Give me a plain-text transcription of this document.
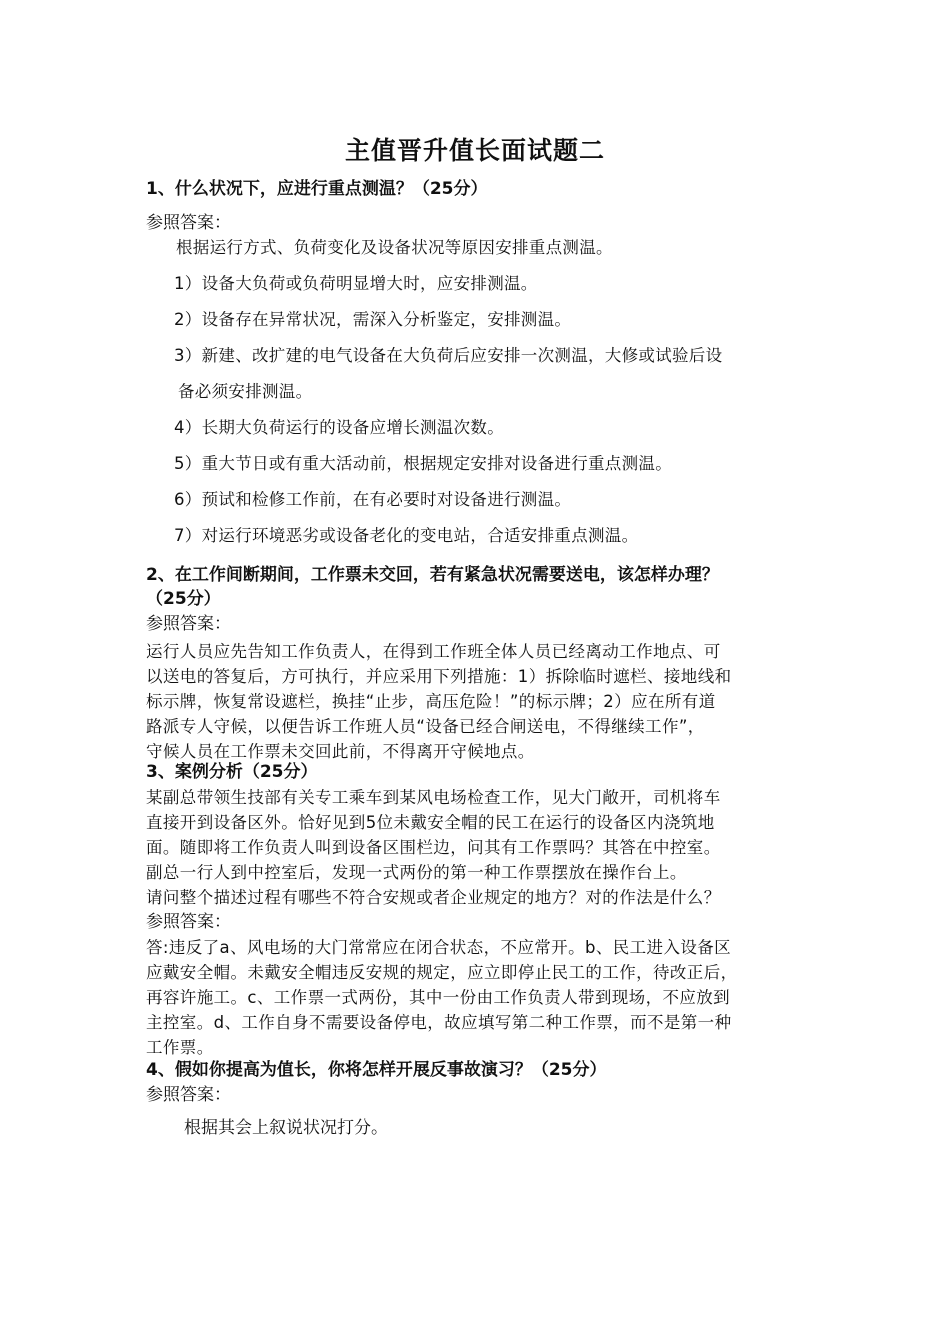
主值晋升值长面试题二

1、什么状况下，应进行重点测温？（25分）

参照答案：

根据运行方式、负荷变化及设备状况等原因安排重点测温。

1）设备大负荷或负荷明显增大时，应安排测温。

2）设备存在异常状况，需深入分析鉴定，安排测温。

3）新建、改扩建的电气设备在大负荷后应安排一次测温，大修或试验后设

备必须安排测温。

4）长期大负荷运行的设备应增长测温次数。

5）重大节日或有重大活动前，根据规定安排对设备进行重点测温。

6）预试和检修工作前，在有必要时对设备进行测温。

7）对运行环境恶劣或设备老化的变电站，合适安排重点测温。

2、在工作间断期间，工作票未交回，若有紧急状况需要送电，该怎样办理？

（25分）

参照答案：

运行人员应先告知工作负责人，在得到工作班全体人员已经离动工作地点、可

以送电的答复后，方可执行，并应采用下列措施：1）拆除临时遮栏、接地线和

标示牌，恢复常设遮栏，换挂“止步，高压危险！”的标示牌；2）应在所有道

路派专人守候，以便告诉工作班人员“设备已经合闸送电，不得继续工作”，

守候人员在工作票未交回此前，不得离开守候地点。

3、案例分析（25分）

某副总带领生技部有关专工乘车到某风电场检查工作，见大门敞开，司机将车

直接开到设备区外。恰好见到5位未戴安全帽的民工在运行的设备区内浇筑地

面。随即将工作负责人叫到设备区围栏边，问其有工作票吗？其答在中控室。

副总一行人到中控室后，发现一式两份的第一种工作票摆放在操作台上。

请问整个描述过程有哪些不符合安规或者企业规定的地方？对的作法是什么？

参照答案：

答:违反了a、风电场的大门常常应在闭合状态，不应常开。b、民工进入设备区

应戴安全帽。未戴安全帽违反安规的规定，应立即停止民工的工作，待改正后，

再容许施工。c、工作票一式两份，其中一份由工作负责人带到现场，不应放到

主控室。d、工作自身不需要设备停电，故应填写第二种工作票，而不是第一种

工作票。

4、假如你提高为值长，你将怎样开展反事故演习？（25分）

参照答案：

根据其会上叙说状况打分。
